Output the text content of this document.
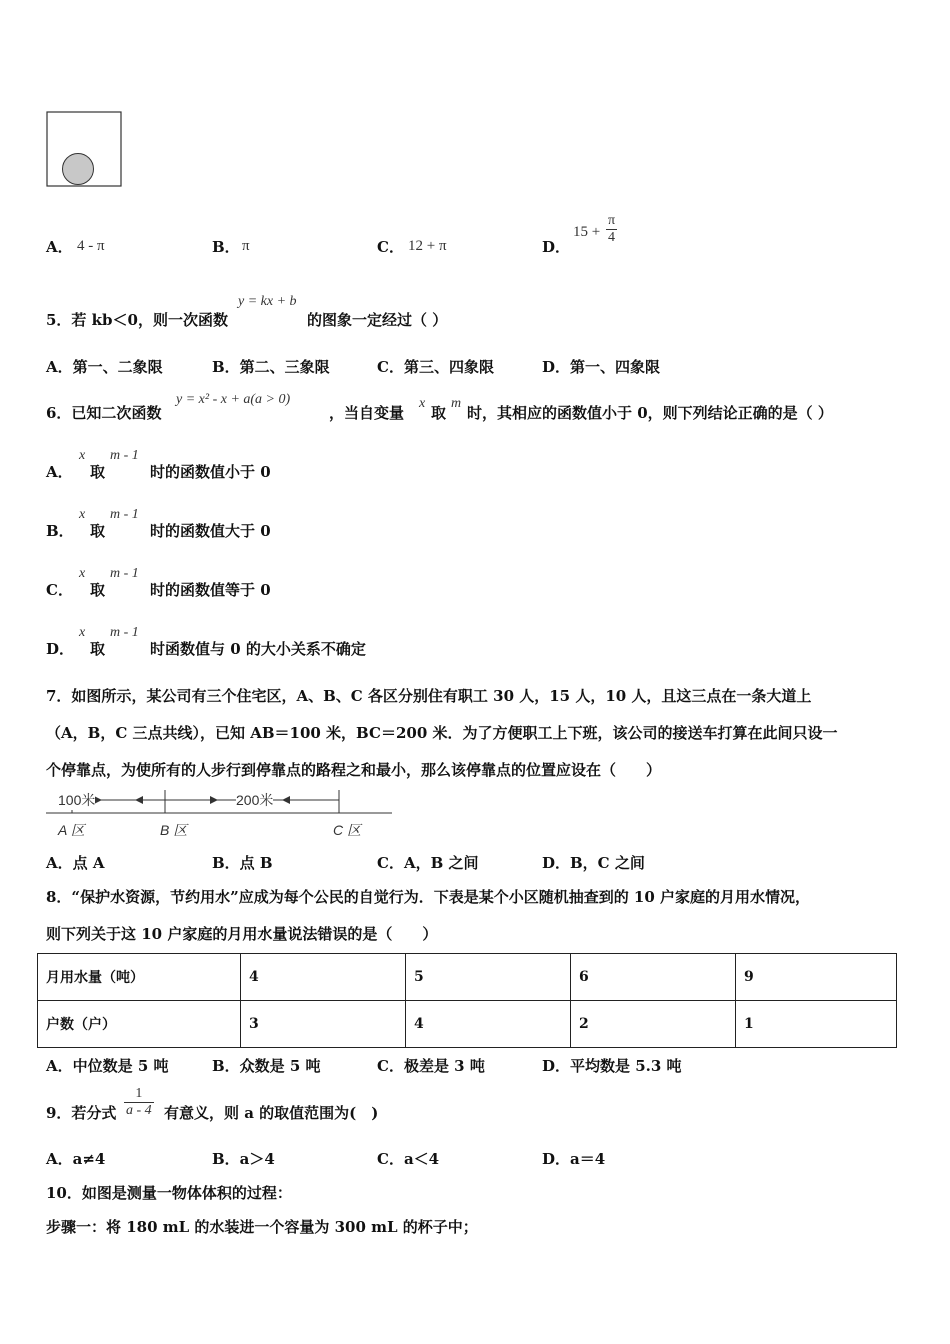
A． 4 - π	B． π	C． 12 + π	D．
$15 + \frac{\pi}{4}$
5．若 kb＜0，则一次函数
y = kx + b
的图象一定经过（ ）
A．第一、二象限	B．第二、三象限	C．第三、四象限	D．第一、四象限
6．已知二次函数
y = x² - x + a(a > 0)
，当自变量
x
取
m
时，其相应的函数值小于 0，则下列结论正确的是（ ）
A．
x
取
m - 1
时的函数值小于 0
B．
x
取
m - 1
时的函数值大于 0
C．
x
取
m - 1
时的函数值等于 0
D．
x
取
m - 1
时函数值与 0 的大小关系不确定
7．如图所示，某公司有三个住宅区，A、B、C 各区分别住有职工 30 人，15 人，10 人，且这三点在一条大道上
（A，B，C 三点共线），已知 AB＝100 米，BC＝200 米．为了方便职工上下班，该公司的接送车打算在此间只设一
个停靠点，为使所有的人步行到停靠点的路程之和最小，那么该停靠点的位置应设在（　　）
100米	200米
A 区	B 区	C 区
A．点 A	B．点 B	C．A，B 之间	D．B，C 之间
8．“保护水资源，节约用水”应成为每个公民的自觉行为．下表是某个小区随机抽查到的 10 户家庭的月用水情况，
则下列关于这 10 户家庭的月用水量说法错误的是（　　）
月用水量（吨）	4	5	6	9
户数（户）	3	4	2	1
A．中位数是 5 吨	B．众数是 5 吨	C．极差是 3 吨	D．平均数是 5.3 吨
9．若分式 $\frac{1}{a - 4}$ 有意义，则 a 的取值范围为(　)
A．a≠4	B．a＞4	C．a＜4	D．a＝4
10．如图是测量一物体体积的过程：
步骤一：将 180 mL 的水装进一个容量为 300 mL 的杯子中；
